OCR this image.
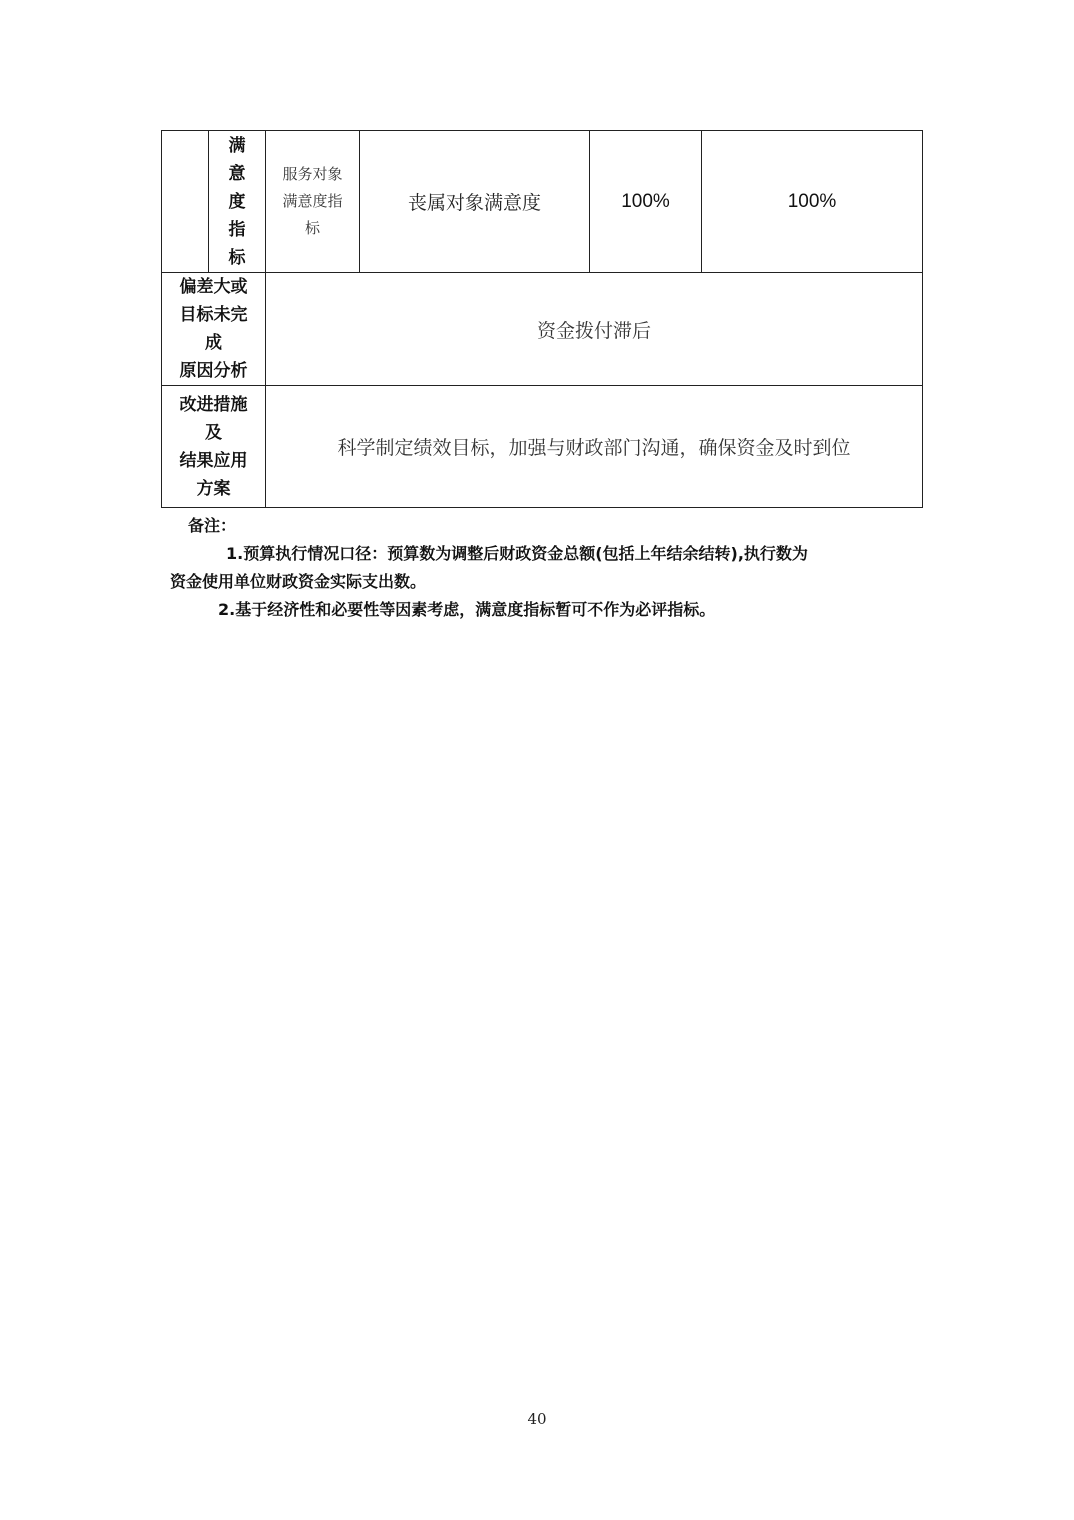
满
意
度
指
标
服务对象
满意度指
标
丧属对象满意度	100%	100%
偏差大或
目标未完
成
原因分析
资金拨付滞后
改进措施
及
结果应用
方案
科学制定绩效目标，加强与财政部门沟通，确保资金及时到位
备注：
1.预算执行情况口径：预算数为调整后财政资金总额(包括上年结余结转),执行数为
资金使用单位财政资金实际支出数。
2.基于经济性和必要性等因素考虑，满意度指标暂可不作为必评指标。
40
